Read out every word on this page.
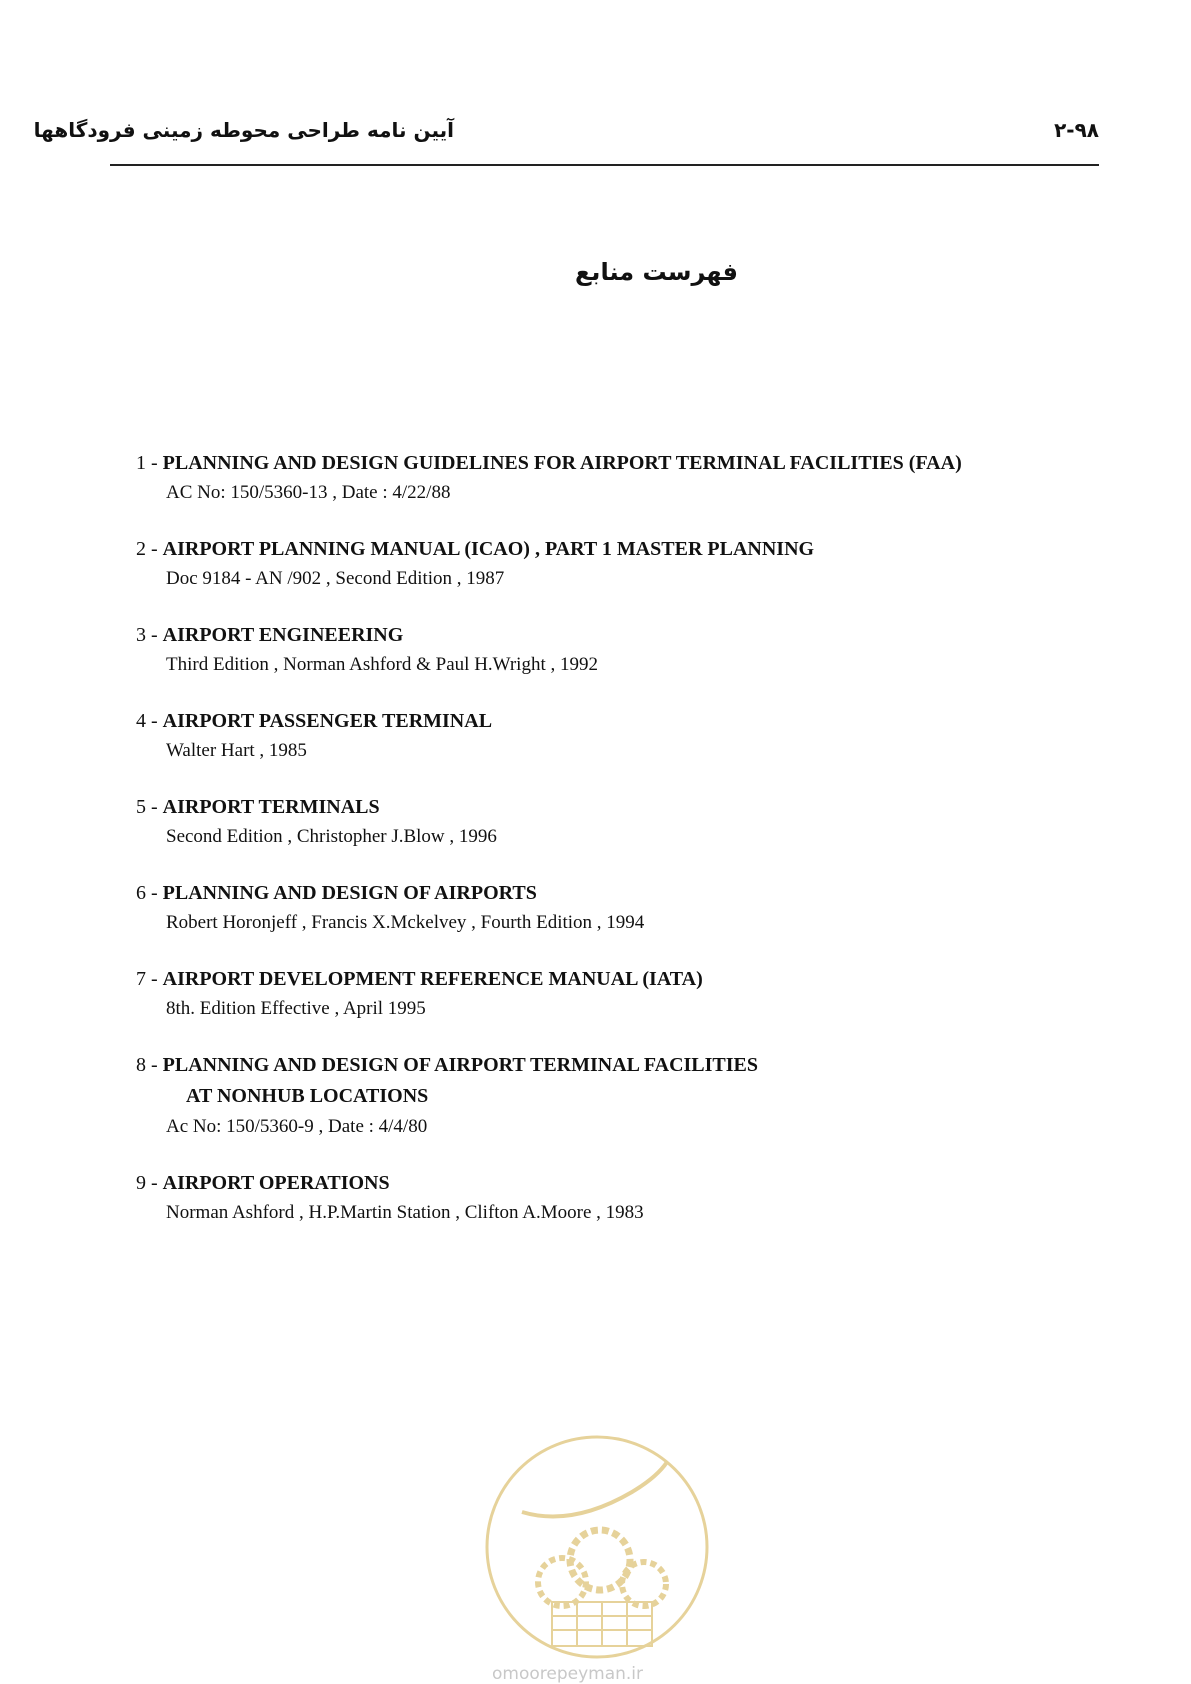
آیین نامه طراحی محوطه زمینی فرودگاهها	۲-۹۸
فهرست منابع
1 - PLANNING AND DESIGN GUIDELINES FOR AIRPORT TERMINAL FACILITIES (FAA)
AC No: 150/5360-13 , Date : 4/22/88
2 - AIRPORT PLANNING MANUAL (ICAO) , PART 1 MASTER PLANNING
Doc 9184 - AN /902 , Second Edition , 1987
3 - AIRPORT ENGINEERING
Third Edition , Norman Ashford & Paul H.Wright , 1992
4 - AIRPORT PASSENGER TERMINAL
Walter Hart , 1985
5 - AIRPORT TERMINALS
Second Edition , Christopher J.Blow , 1996
6 - PLANNING AND DESIGN OF AIRPORTS
Robert Horonjeff , Francis X.Mckelvey , Fourth Edition , 1994
7 - AIRPORT DEVELOPMENT REFERENCE MANUAL (IATA)
8th. Edition Effective , April 1995
8 - PLANNING AND DESIGN OF AIRPORT TERMINAL FACILITIES
AT NONHUB LOCATIONS
Ac No: 150/5360-9 , Date : 4/4/80
9 - AIRPORT OPERATIONS
Norman Ashford , H.P.Martin Station , Clifton A.Moore , 1983
omoorepeyman.ir
